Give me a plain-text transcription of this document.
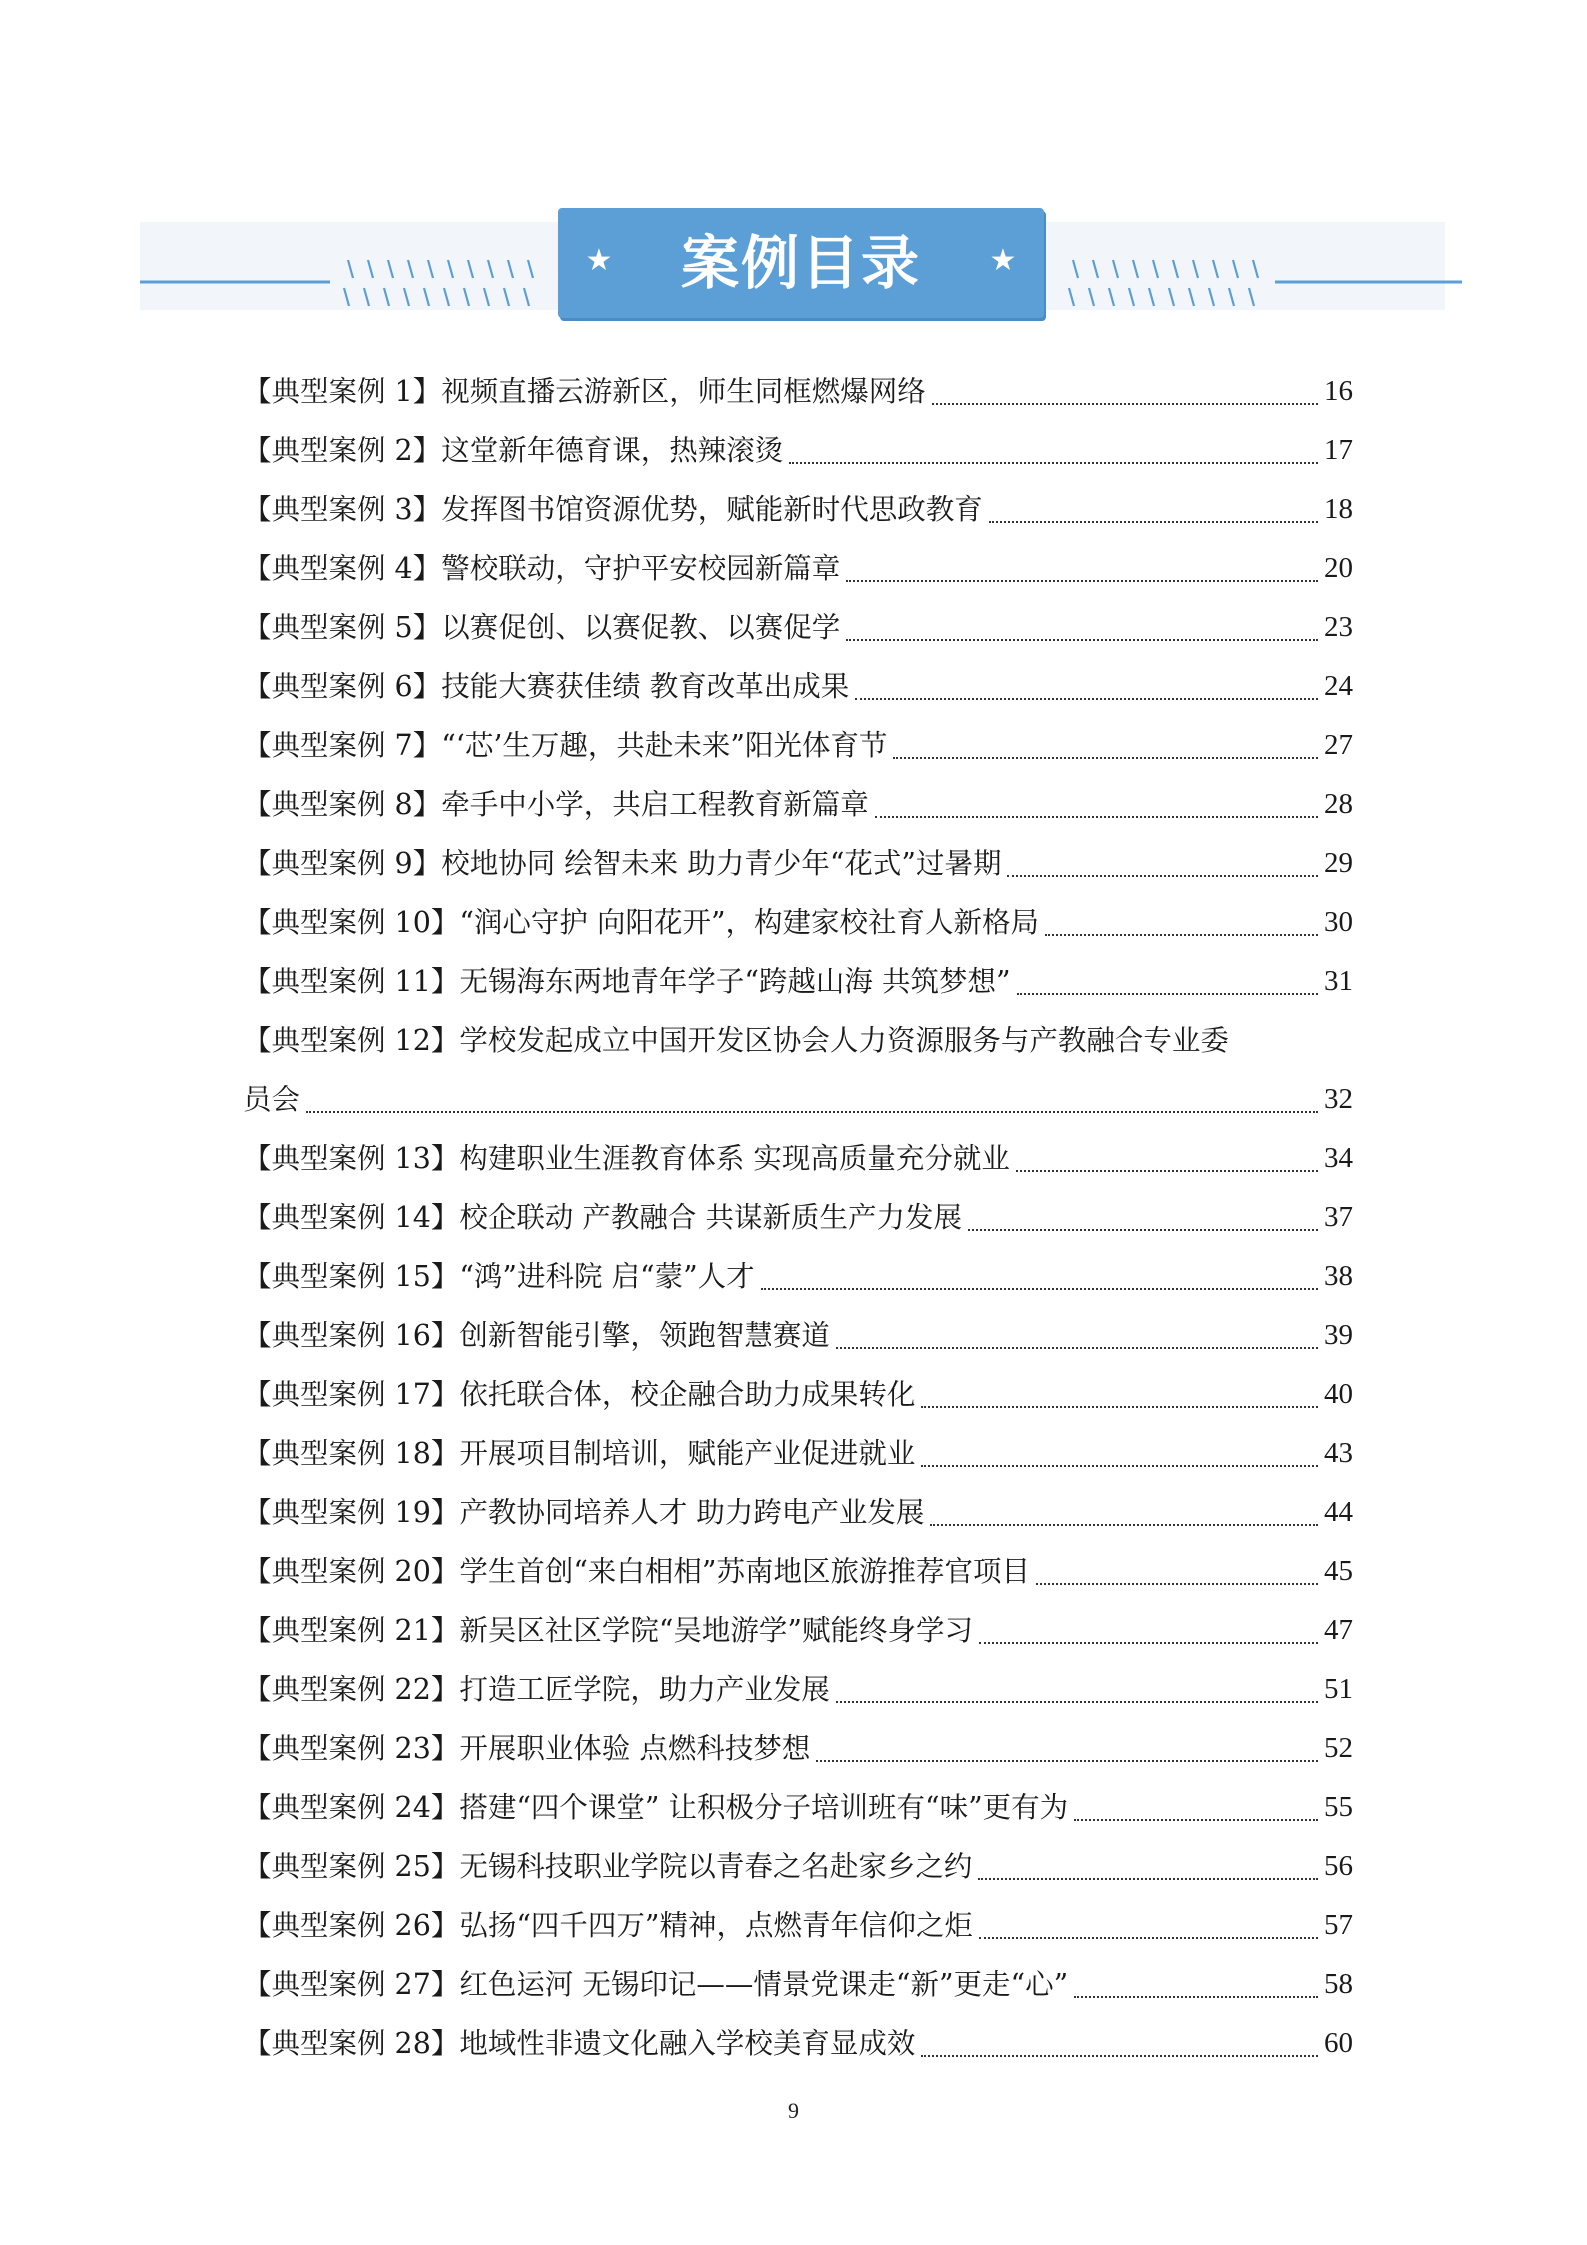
★	案例目录	★
【典型案例 1】 视频直播云游新区，师生同框燃爆网络	16
【典型案例 2】 这堂新年德育课，热辣滚烫	17
【典型案例 3】 发挥图书馆资源优势，赋能新时代思政教育	18
【典型案例 4】 警校联动，守护平安校园新篇章	20
【典型案例 5】 以赛促创、以赛促教、以赛促学	23
【典型案例 6】 技能大赛获佳绩 教育改革出成果	24
【典型案例 7】 “‘芯’生万趣，共赴未来”阳光体育节	27
【典型案例 8】 牵手中小学，共启工程教育新篇章	28
【典型案例 9】 校地协同 绘智未来 助力青少年“花式”过暑期	29
【典型案例 10】 “润心守护 向阳花开”，构建家校社育人新格局	30
【典型案例 11】 无锡海东两地青年学子“跨越山海 共筑梦想”	31
【典型案例 12】学校发起成立中国开发区协会人力资源服务与产教融合专业委
员会	32
【典型案例 13】 构建职业生涯教育体系 实现高质量充分就业	34
【典型案例 14】 校企联动 产教融合 共谋新质生产力发展	37
【典型案例 15】 “鸿”进科院 启“蒙”人才	38
【典型案例 16】 创新智能引擎，领跑智慧赛道	39
【典型案例 17】 依托联合体，校企融合助力成果转化	40
【典型案例 18】 开展项目制培训，赋能产业促进就业	43
【典型案例 19】 产教协同培养人才 助力跨电产业发展	44
【典型案例 20】 学生首创“来白相相”苏南地区旅游推荐官项目	45
【典型案例 21】 新吴区社区学院“吴地游学”赋能终身学习	47
【典型案例 22】 打造工匠学院，助力产业发展	51
【典型案例 23】 开展职业体验 点燃科技梦想	52
【典型案例 24】 搭建“四个课堂” 让积极分子培训班有“味”更有为	55
【典型案例 25】 无锡科技职业学院以青春之名赴家乡之约	56
【典型案例 26】 弘扬“四千四万”精神，点燃青年信仰之炬	57
【典型案例 27】 红色运河 无锡印记——情景党课走“新”更走“心”	58
【典型案例 28】 地域性非遗文化融入学校美育显成效	60
9
